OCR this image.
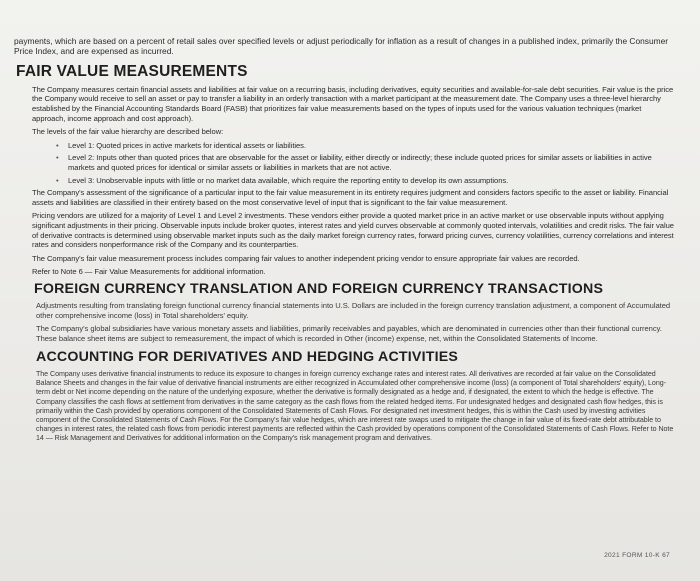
payments, which are based on a percent of retail sales over specified levels or adjust periodically for inflation as a result of changes in a published index, primarily the Consumer Price Index, and are expensed as incurred.

FAIR VALUE MEASUREMENTS

The Company measures certain financial assets and liabilities at fair value on a recurring basis, including derivatives, equity securities and available-for-sale debt securities. Fair value is the price the Company would receive to sell an asset or pay to transfer a liability in an orderly transaction with a market participant at the measurement date. The Company uses a three-level hierarchy established by the Financial Accounting Standards Board (FASB) that prioritizes fair value measurements based on the types of inputs used for the various valuation techniques (market approach, income approach and cost approach).

The levels of the fair value hierarchy are described below:

• Level 1: Quoted prices in active markets for identical assets or liabilities.
• Level 2: Inputs other than quoted prices that are observable for the asset or liability, either directly or indirectly; these include quoted prices for similar assets or liabilities in active markets and quoted prices for identical or similar assets or liabilities in markets that are not active.
• Level 3: Unobservable inputs with little or no market data available, which require the reporting entity to develop its own assumptions.

The Company's assessment of the significance of a particular input to the fair value measurement in its entirety requires judgment and considers factors specific to the asset or liability. Financial assets and liabilities are classified in their entirety based on the most conservative level of input that is significant to the fair value measurement.

Pricing vendors are utilized for a majority of Level 1 and Level 2 investments. These vendors either provide a quoted market price in an active market or use observable inputs without applying significant adjustments in their pricing. Observable inputs include broker quotes, interest rates and yield curves observable at commonly quoted intervals, volatilities and credit risks. The fair value of derivative contracts is determined using observable market inputs such as the daily market foreign currency rates, forward pricing curves, currency volatilities, currency correlations and interest rates and considers nonperformance risk of the Company and its counterparties.

The Company's fair value measurement process includes comparing fair values to another independent pricing vendor to ensure appropriate fair values are recorded.

Refer to Note 6 — Fair Value Measurements for additional information.

FOREIGN CURRENCY TRANSLATION AND FOREIGN CURRENCY TRANSACTIONS

Adjustments resulting from translating foreign functional currency financial statements into U.S. Dollars are included in the foreign currency translation adjustment, a component of Accumulated other comprehensive income (loss) in Total shareholders' equity.

The Company's global subsidiaries have various monetary assets and liabilities, primarily receivables and payables, which are denominated in currencies other than their functional currency. These balance sheet items are subject to remeasurement, the impact of which is recorded in Other (income) expense, net, within the Consolidated Statements of Income.

ACCOUNTING FOR DERIVATIVES AND HEDGING ACTIVITIES

The Company uses derivative financial instruments to reduce its exposure to changes in foreign currency exchange rates and interest rates. All derivatives are recorded at fair value on the Consolidated Balance Sheets and changes in the fair value of derivative financial instruments are either recognized in Accumulated other comprehensive income (loss) (a component of Total shareholders' equity), Long-term debt or Net income depending on the nature of the underlying exposure, whether the derivative is formally designated as a hedge and, if designated, the extent to which the hedge is effective. The Company classifies the cash flows at settlement from derivatives in the same category as the cash flows from the related hedged items. For undesignated hedges and designated cash flow hedges, this is primarily within the Cash provided by operations component of the Consolidated Statements of Cash Flows. For designated net investment hedges, this is within the Cash used by investing activities component of the Consolidated Statements of Cash Flows. For the Company's fair value hedges, which are interest rate swaps used to mitigate the change in fair value of its fixed-rate debt attributable to changes in interest rates, the related cash flows from periodic interest payments are reflected within the Cash provided by operations component of the Consolidated Statements of Cash Flows. Refer to Note 14 — Risk Management and Derivatives for additional information on the Company's risk management program and derivatives.

2021 FORM 10-K 67
